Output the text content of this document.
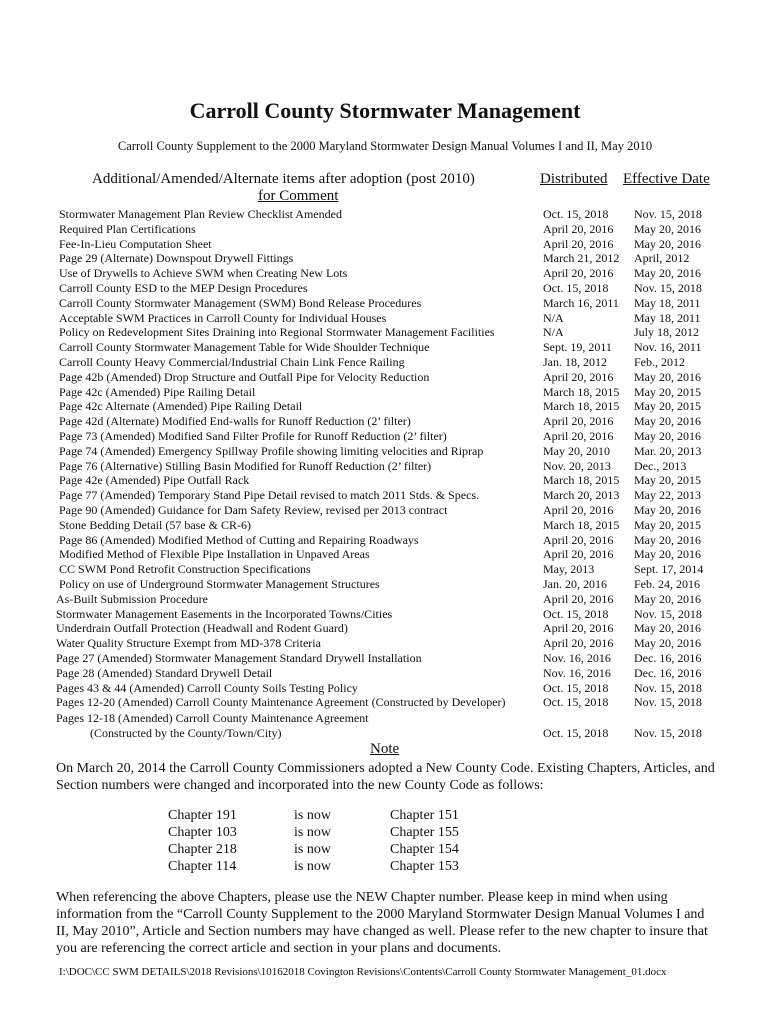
Carroll County Stormwater Management
Carroll County Supplement to the 2000 Maryland Stormwater Design Manual Volumes I and II, May 2010
Additional/Amended/Alternate items after adoption (post 2010)
for Comment
Distributed Effective Date
Stormwater Management Plan Review Checklist Amended	Oct. 15, 2018 Nov. 15, 2018
Required Plan Certifications	April 20, 2016 May 20, 2016
Fee-In-Lieu Computation Sheet	April 20, 2016 May 20, 2016
Page 29 (Alternate) Downspout Drywell Fittings	March 21, 2012 April, 2012
Use of Drywells to Achieve SWM when Creating New Lots	April 20, 2016 May 20, 2016
Carroll County ESD to the MEP Design Procedures	Oct. 15, 2018 Nov. 15, 2018
Carroll County Stormwater Management (SWM) Bond Release Procedures	March 16, 2011 May 18, 2011
Acceptable SWM Practices in Carroll County for Individual Houses	N/A	May 18, 2011
Policy on Redevelopment Sites Draining into Regional Stormwater Management Facilities	N/A	July 18, 2012
Carroll County Stormwater Management Table for Wide Shoulder Technique	Sept. 19, 2011 Nov. 16, 2011
Carroll County Heavy Commercial/Industrial Chain Link Fence Railing	Jan. 18, 2012 Feb., 2012
Page 42b (Amended) Drop Structure and Outfall Pipe for Velocity Reduction	April 20, 2016 May 20, 2016
Page 42c (Amended) Pipe Railing Detail	March 18, 2015 May 20, 2015
Page 42c Alternate (Amended) Pipe Railing Detail	March 18, 2015 May 20, 2015
Page 42d (Alternate) Modified End-walls for Runoff Reduction (2’ filter)	April 20, 2016 May 20, 2016
Page 73 (Amended) Modified Sand Filter Profile for Runoff Reduction (2’ filter)	April 20, 2016 May 20, 2016
Page 74 (Amended) Emergency Spillway Profile showing limiting velocities and Riprap	May 20, 2010 Mar. 20, 2013
Page 76 (Alternative) Stilling Basin Modified for Runoff Reduction (2’ filter)	Nov. 20, 2013 Dec., 2013
Page 42e (Amended) Pipe Outfall Rack	March 18, 2015 May 20, 2015
Page 77 (Amended) Temporary Stand Pipe Detail revised to match 2011 Stds. & Specs.	March 20, 2013 May 22, 2013
Page 90 (Amended) Guidance for Dam Safety Review, revised per 2013 contract	April 20, 2016 May 20, 2016
Stone Bedding Detail (57 base & CR-6)	March 18, 2015 May 20, 2015
Page 86 (Amended) Modified Method of Cutting and Repairing Roadways	April 20, 2016 May 20, 2016
Modified Method of Flexible Pipe Installation in Unpaved Areas	April 20, 2016 May 20, 2016
CC SWM Pond Retrofit Construction Specifications	May, 2013	Sept. 17, 2014
Policy on use of Underground Stormwater Management Structures	Jan. 20, 2016 Feb. 24, 2016
As-Built Submission Procedure	April 20, 2016 May 20, 2016
Stormwater Management Easements in the Incorporated Towns/Cities	Oct. 15, 2018 Nov. 15, 2018
Underdrain Outfall Protection (Headwall and Rodent Guard)	April 20, 2016 May 20, 2016
Water Quality Structure Exempt from MD-378 Criteria	April 20, 2016 May 20, 2016
Page 27 (Amended) Stormwater Management Standard Drywell Installation	Nov. 16, 2016 Dec. 16, 2016
Page 28 (Amended) Standard Drywell Detail	Nov. 16, 2016 Dec. 16, 2016
Pages 43 & 44 (Amended) Carroll County Soils Testing Policy	Oct. 15, 2018 Nov. 15, 2018
Pages 12-20 (Amended) Carroll County Maintenance Agreement (Constructed by Developer)	Oct. 15, 2018 Nov. 15, 2018
Pages 12-18 (Amended) Carroll County Maintenance Agreement
(Constructed by the County/Town/City)	Oct. 15, 2018 Nov. 15, 2018
Note
On March 20, 2014 the Carroll County Commissioners adopted a New County Code. Existing Chapters, Articles, and
Section numbers were changed and incorporated into the new County Code as follows:
Chapter 191	is now	Chapter 151
Chapter 103	is now	Chapter 155
Chapter 218	is now	Chapter 154
Chapter 114	is now	Chapter 153
When referencing the above Chapters, please use the NEW Chapter number. Please keep in mind when using
information from the “Carroll County Supplement to the 2000 Maryland Stormwater Design Manual Volumes I and
II, May 2010”, Article and Section numbers may have changed as well. Please refer to the new chapter to insure that
you are referencing the correct article and section in your plans and documents.
I:\DOC\CC SWM DETAILS\2018 Revisions\10162018 Covington Revisions\Contents\Carroll County Stormwater Management_01.docx
